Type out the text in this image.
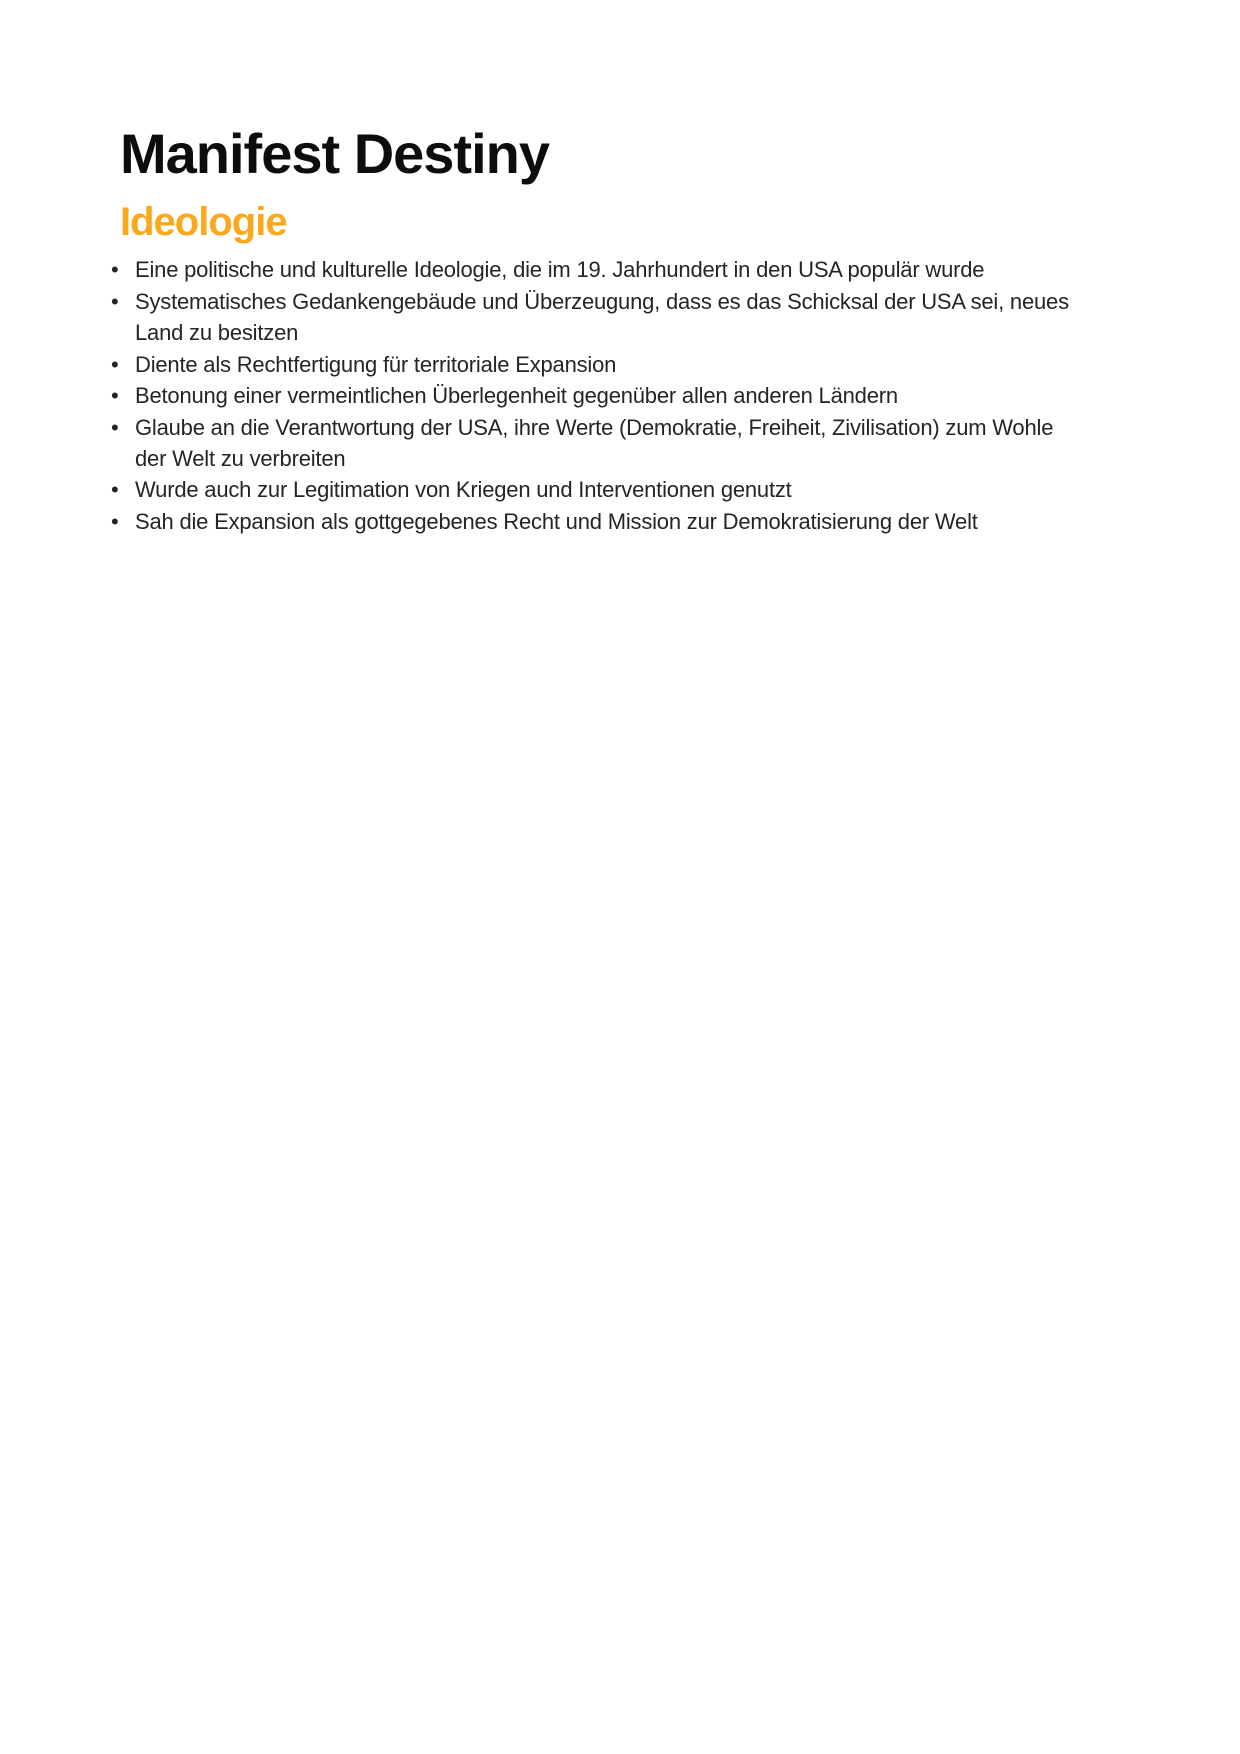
Manifest Destiny
Ideologie
• Eine politische und kulturelle Ideologie, die im 19. Jahrhundert in den USA populär wurde
• Systematisches Gedankengebäude und Überzeugung, dass es das Schicksal der USA sei, neues
Land zu besitzen
• Diente als Rechtfertigung für territoriale Expansion
• Betonung einer vermeintlichen Überlegenheit gegenüber allen anderen Ländern
• Glaube an die Verantwortung der USA, ihre Werte (Demokratie, Freiheit, Zivilisation) zum Wohle
der Welt zu verbreiten
• Wurde auch zur Legitimation von Kriegen und Interventionen genutzt
• Sah die Expansion als gottgegebenes Recht und Mission zur Demokratisierung der Welt
